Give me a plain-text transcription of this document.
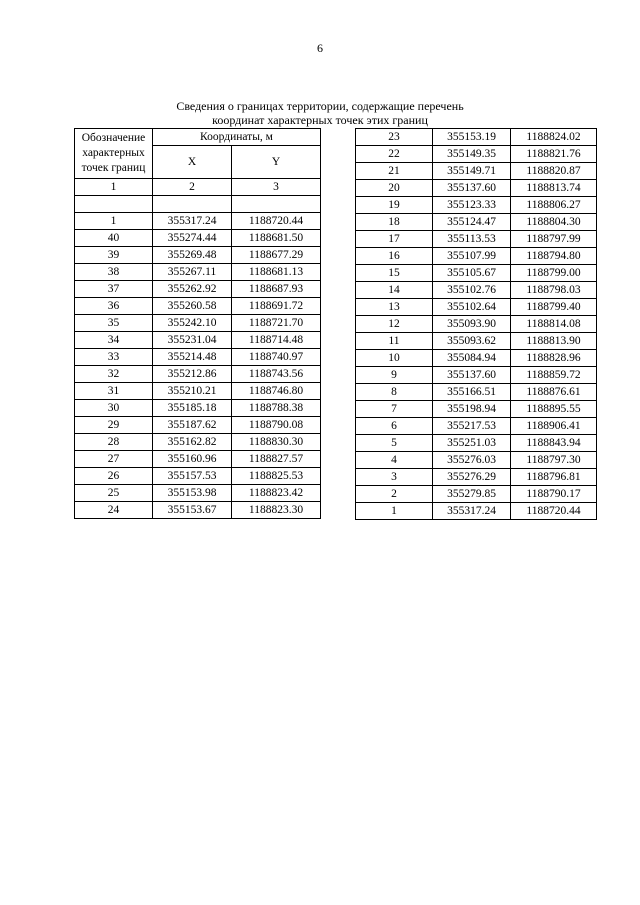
6
Сведения о границах территории, содержащие перечень
координат характерных точек этих границ
Обозначение
характерных
точек границ	Координаты, м	
	X	Y
1	2	3

1	355317.24	1188720.44
40	355274.44	1188681.50
39	355269.48	1188677.29
38	355267.11	1188681.13
37	355262.92	1188687.93
36	355260.58	1188691.72
35	355242.10	1188721.70
34	355231.04	1188714.48
33	355214.48	1188740.97
32	355212.86	1188743.56
31	355210.21	1188746.80
30	355185.18	1188788.38
29	355187.62	1188790.08
28	355162.82	1188830.30
27	355160.96	1188827.57
26	355157.53	1188825.53
25	355153.98	1188823.42
24	355153.67	1188823.30
23	355153.19	1188824.02
22	355149.35	1188821.76
21	355149.71	1188820.87
20	355137.60	1188813.74
19	355123.33	1188806.27
18	355124.47	1188804.30
17	355113.53	1188797.99
16	355107.99	1188794.80
15	355105.67	1188799.00
14	355102.76	1188798.03
13	355102.64	1188799.40
12	355093.90	1188814.08
11	355093.62	1188813.90
10	355084.94	1188828.96
9	355137.60	1188859.72
8	355166.51	1188876.61
7	355198.94	1188895.55
6	355217.53	1188906.41
5	355251.03	1188843.94
4	355276.03	1188797.30
3	355276.29	1188796.81
2	355279.85	1188790.17
1	355317.24	1188720.44
